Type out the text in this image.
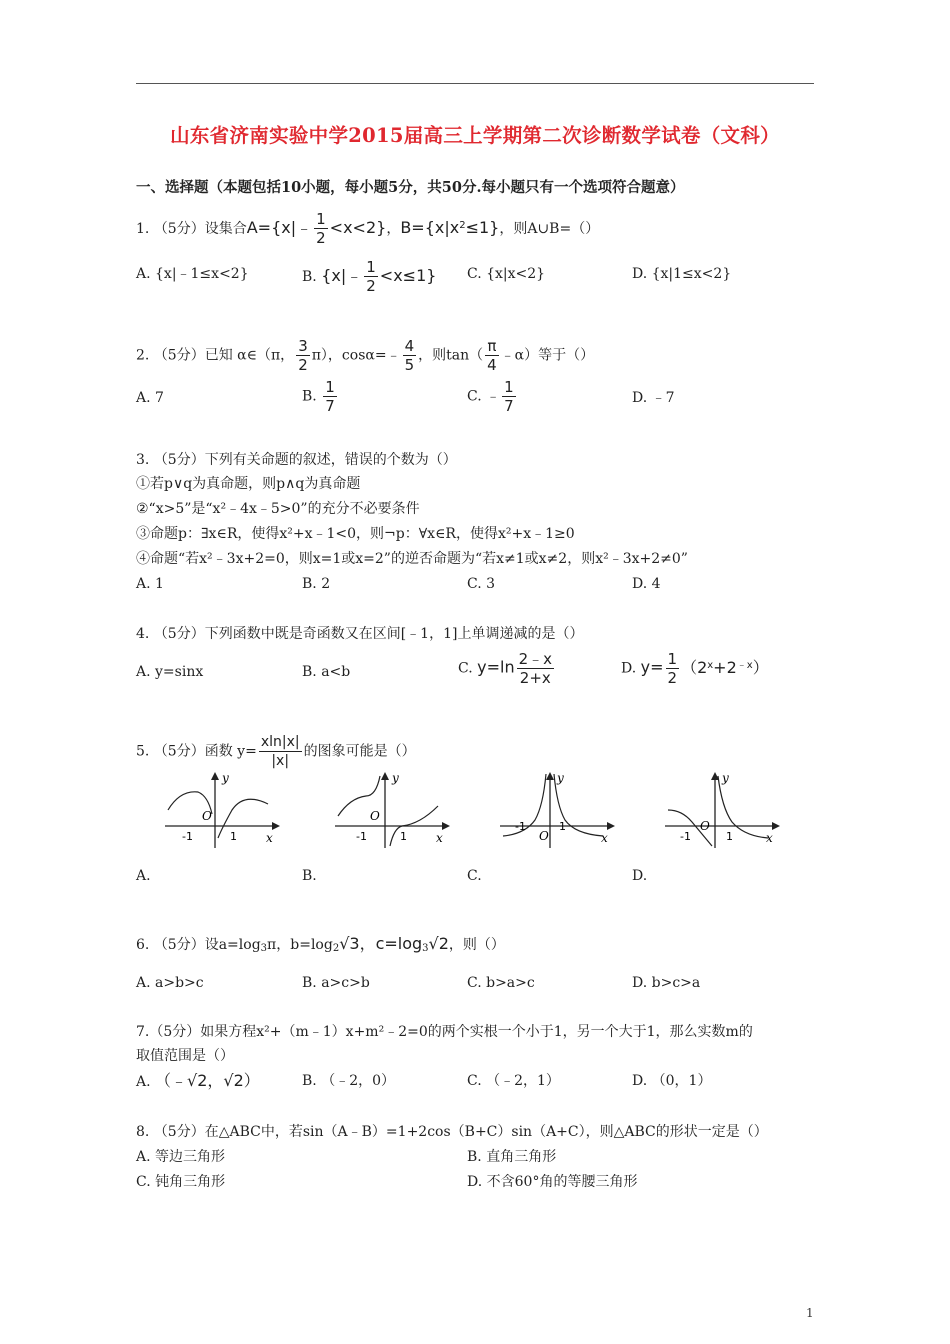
山东省济南实验中学2015届高三上学期第二次诊断数学试卷（文科）
一、选择题（本题包括10小题，每小题5分，共50分.每小题只有一个选项符合题意）
1. （5分）设集合A={x|﹣ $\frac{1}{2} <x<2$}，$B=\{x|x^2\le 1\}$，则A∪B=（）
A. {x|﹣1≤x<2}	B. {x|﹣ $\frac{1}{2} <x\le 1$} C. {x|x<2}	D. {x|1≤x<2}
2. （5分）已知 α∈（π， $\frac{3}{2} \pi$），cosα=﹣ $\frac{4}{5}$ ，则$\tan( \frac{\pi}{4}$ ﹣α）等于（）
A. 7	B. $\frac{1}{7}$	C. ﹣ $\frac{1}{7}$	D. ﹣7
3. （5分）下列有关命题的叙述，错误的个数为（）
①若p∨q为真命题，则p∧q为真命题
②“x>5”是“x²﹣4x﹣5>0”的充分不必要条件
③命题p：∃x∈R，使得x²+x﹣1<0，则¬p：∀x∈R，使得x²+x﹣1≥0
④命题“若x²﹣3x+2=0，则x=1或x=2”的逆否命题为“若x≠1或x≠2，则x²﹣3x+2≠0”
A. 1	B. 2	C. 3	D. 4
4. （5分）下列函数中既是奇函数又在区间[﹣1，1]上单调递减的是（）
A. y=sinx	B. a<b	C. $y=\ln \frac{2﹣x}{2+x}$	D. $y= \frac{1}{2} (2^x+2^{﹣x})$
5. （5分）函数 $y= \frac{xln|x|}{|x|}$ 的图象可能是（）
y
x
O
-1	1
A.
y
x
O
-1	1
B.
y
x
O
-1	1
C.
y
x
O
-1	1
D.
6. （5分）设a=log3π，b=log2√3，c=log3√2，则（）
A. a>b>c	B. a>c>b	C. b>a>c	D. b>c>a
7.（5分）如果方程x²+（m﹣1）x+m²﹣2=0的两个实根一个小于1，另一个大于1，那么实数m的
取值范围是（）
A. （﹣√2，√2）	B. （﹣2，0）	C. （﹣2，1）	D. （0，1）
8. （5分）在△ABC中，若sin（A﹣B）=1+2cos（B+C）sin（A+C），则△ABC的形状一定是（）
A. 等边三角形	B. 直角三角形
C. 钝角三角形	D. 不含60°角的等腰三角形
1
